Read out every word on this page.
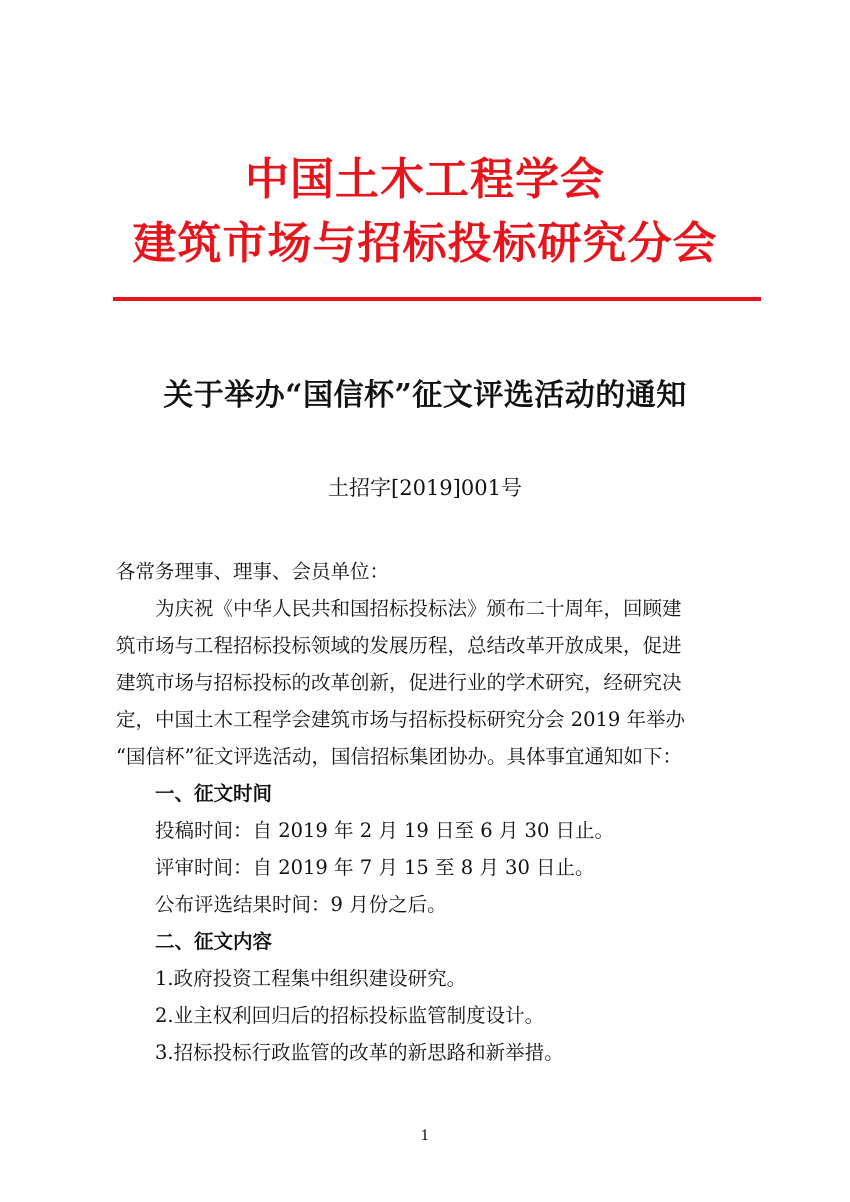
中国土木工程学会
建筑市场与招标投标研究分会
关于举办“国信杯”征文评选活动的通知
土招字[2019]001号
各常务理事、理事、会员单位：
为庆祝《中华人民共和国招标投标法》颁布二十周年，回顾建
筑市场与工程招标投标领域的发展历程，总结改革开放成果，促进
建筑市场与招标投标的改革创新，促进行业的学术研究，经研究决
定，中国土木工程学会建筑市场与招标投标研究分会 2019 年举办
“国信杯”征文评选活动，国信招标集团协办。具体事宜通知如下：
一、征文时间
投稿时间：自 2019 年 2 月 19 日至 6 月 30 日止。
评审时间：自 2019 年 7 月 15 至 8 月 30 日止。
公布评选结果时间：9 月份之后。
二、征文内容
1.政府投资工程集中组织建设研究。
2.业主权利回归后的招标投标监管制度设计。
3.招标投标行政监管的改革的新思路和新举措。
1
